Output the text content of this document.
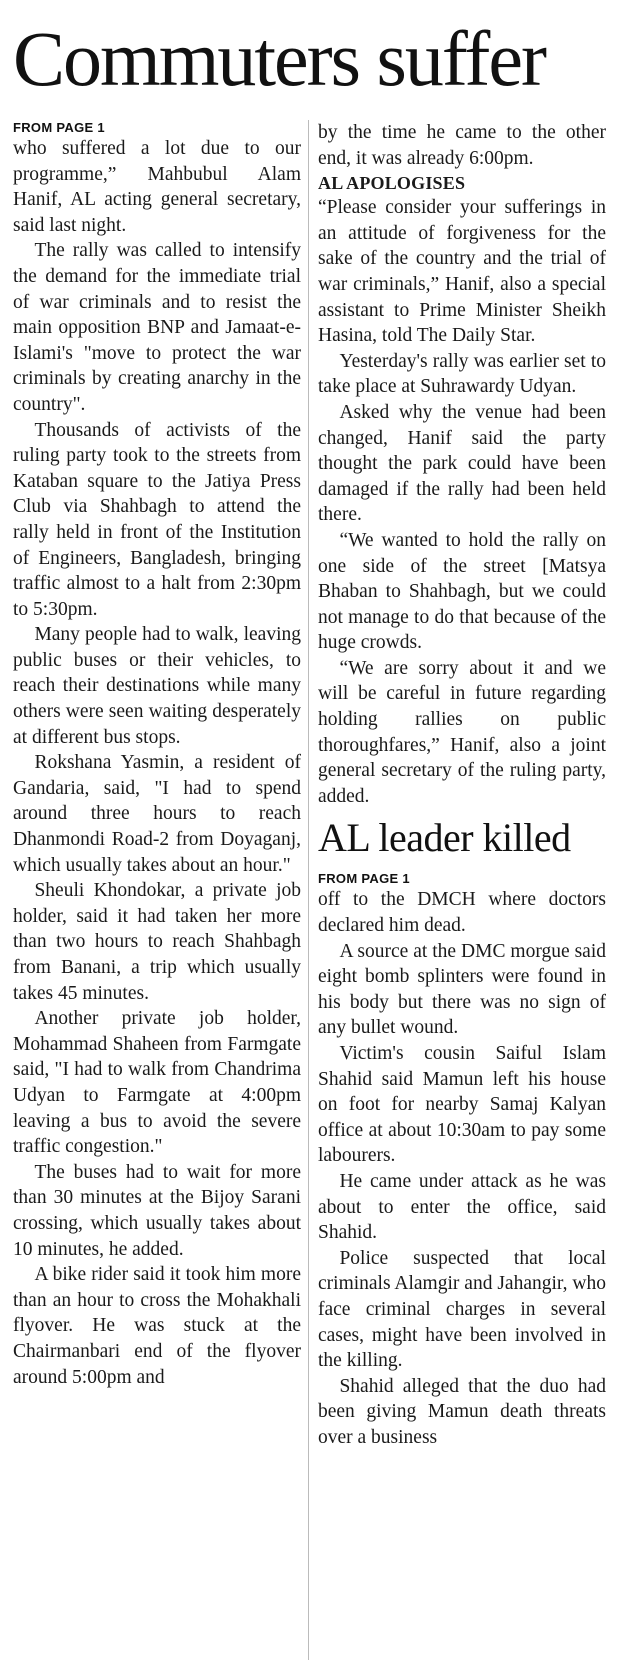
Commuters suffer
FROM PAGE 1

who suffered a lot due to our programme,” Mahbubul Alam Hanif, AL acting general secretary, said last night.

The rally was called to intensify the demand for the immediate trial of war criminals and to resist the main opposition BNP and Jamaat-e-Islami's "move to protect the war criminals by creating anarchy in the country".

Thousands of activists of the ruling party took to the streets from Kataban square to the Jatiya Press Club via Shahbagh to attend the rally held in front of the Institution of Engineers, Bangladesh, bringing traffic almost to a halt from 2:30pm to 5:30pm.

Many people had to walk, leaving public buses or their vehicles, to reach their destinations while many others were seen waiting desperately at different bus stops.

Rokshana Yasmin, a resident of Gandaria, said, "I had to spend around three hours to reach Dhanmondi Road-2 from Doyaganj, which usually takes about an hour."

Sheuli Khondokar, a private job holder, said it had taken her more than two hours to reach Shahbagh from Banani, a trip which usually takes 45 minutes.

Another private job holder, Mohammad Shaheen from Farmgate said, "I had to walk from Chandrima Udyan to Farmgate at 4:00pm leaving a bus to avoid the severe traffic congestion."

The buses had to wait for more than 30 minutes at the Bijoy Sarani crossing, which usually takes about 10 minutes, he added.

A bike rider said it took him more than an hour to cross the Mohakhali flyover. He was stuck at the Chairmanbari end of the flyover around 5:00pm and

by the time he came to the other end, it was already 6:00pm.

AL APOLOGISES

“Please consider your sufferings in an attitude of forgiveness for the sake of the country and the trial of war criminals,” Hanif, also a special assistant to Prime Minister Sheikh Hasina, told The Daily Star.

Yesterday's rally was earlier set to take place at Suhrawardy Udyan.

Asked why the venue had been changed, Hanif said the party thought the park could have been damaged if the rally had been held there.

“We wanted to hold the rally on one side of the street [Matsya Bhaban to Shahbagh, but we could not manage to do that because of the huge crowds.

“We are sorry about it and we will be careful in future regarding holding rallies on public thoroughfares,” Hanif, also a joint general secretary of the ruling party, added.

AL leader killed
FROM PAGE 1

off to the DMCH where doctors declared him dead.

A source at the DMC morgue said eight bomb splinters were found in his body but there was no sign of any bullet wound.

Victim's cousin Saiful Islam Shahid said Mamun left his house on foot for nearby Samaj Kalyan office at about 10:30am to pay some labourers.

He came under attack as he was about to enter the office, said Shahid.

Police suspected that local criminals Alamgir and Jahangir, who face criminal charges in several cases, might have been involved in the killing.

Shahid alleged that the duo had been giving Mamun death threats over a business
